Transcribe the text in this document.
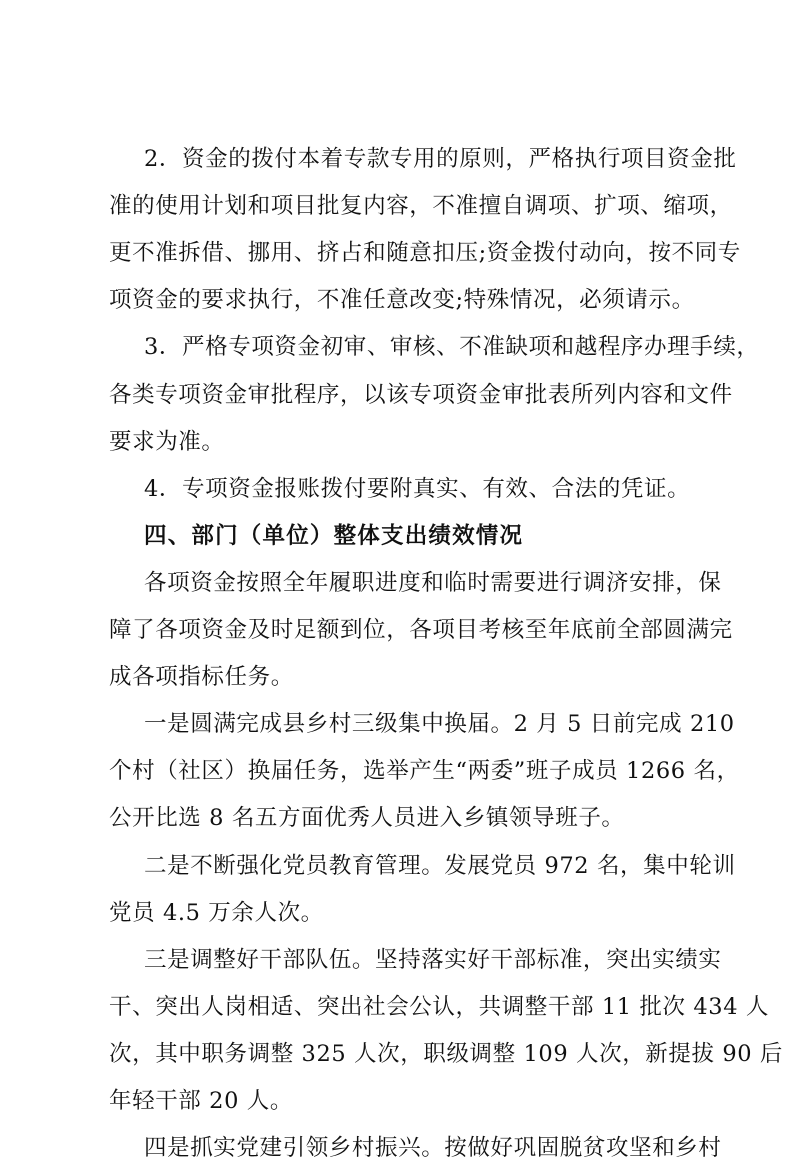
2．资金的拨付本着专款专用的原则，严格执行项目资金批
准的使用计划和项目批复内容，不准擅自调项、扩项、缩项，
更不准拆借、挪用、挤占和随意扣压;资金拨付动向，按不同专
项资金的要求执行，不准任意改变;特殊情况，必须请示。
3．严格专项资金初审、审核、不准缺项和越程序办理手续，
各类专项资金审批程序，以该专项资金审批表所列内容和文件
要求为准。
4．专项资金报账拨付要附真实、有效、合法的凭证。
四、部门（单位）整体支出绩效情况
各项资金按照全年履职进度和临时需要进行调济安排，保
障了各项资金及时足额到位，各项目考核至年底前全部圆满完
成各项指标任务。
一是圆满完成县乡村三级集中换届。2 月 5 日前完成 210
个村（社区）换届任务，选举产生“两委”班子成员 1266 名，
公开比选 8 名五方面优秀人员进入乡镇领导班子。
二是不断强化党员教育管理。发展党员 972 名，集中轮训
党员 4.5 万余人次。
三是调整好干部队伍。坚持落实好干部标准，突出实绩实
干、突出人岗相适、突出社会公认，共调整干部 11 批次 434 人
次，其中职务调整 325 人次，职级调整 109 人次，新提拔 90 后
年轻干部 20 人。
四是抓实党建引领乡村振兴。按做好巩固脱贫攻坚和乡村
